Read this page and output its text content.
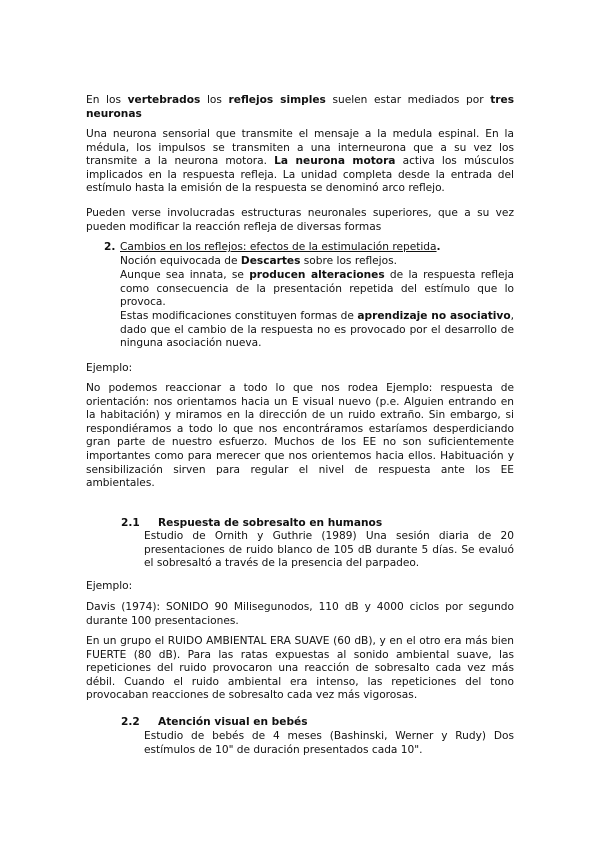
En los vertebrados los reflejos simples suelen estar mediados por tres neuronas

Una neurona sensorial que transmite el mensaje a la medula espinal. En la médula, los impulsos se transmiten a una interneurona que a su vez los transmite a la neurona motora. La neurona motora activa los músculos implicados en la respuesta refleja. La unidad completa desde la entrada del estímulo hasta la emisión de la respuesta se denominó arco reflejo.

Pueden verse involucradas estructuras neuronales superiores, que a su vez pueden modificar la reacción refleja de diversas formas

2. Cambios en los reflejos: efectos de la estimulación repetida.

Noción equivocada de Descartes sobre los reflejos.

Aunque sea innata, se producen alteraciones de la respuesta refleja como consecuencia de la presentación repetida del estímulo que lo provoca.

Estas modificaciones constituyen formas de aprendizaje no asociativo, dado que el cambio de la respuesta no es provocado por el desarrollo de ninguna asociación nueva.

Ejemplo:

No podemos reaccionar a todo lo que nos rodea Ejemplo: respuesta de orientación: nos orientamos hacia un E visual nuevo (p.e. Alguien entrando en la habitación) y miramos en la dirección de un ruido extraño. Sin embargo, si respondiéramos a todo lo que nos encontráramos estaríamos desperdiciando gran parte de nuestro esfuerzo. Muchos de los EE no son suficientemente importantes como para merecer que nos orientemos hacia ellos. Habituación y sensibilización sirven para regular el nivel de respuesta ante los EE ambientales.

2.1 Respuesta de sobresalto en humanos

Estudio de Ornith y Guthrie (1989) Una sesión diaria de 20 presentaciones de ruido blanco de 105 dB durante 5 días. Se evaluó el sobresaltó a través de la presencia del parpadeo.

Ejemplo:

Davis (1974): SONIDO 90 Milisegunodos, 110 dB y 4000 ciclos por segundo durante 100 presentaciones.

En un grupo el RUIDO AMBIENTAL ERA SUAVE (60 dB), y en el otro era más bien FUERTE (80 dB). Para las ratas expuestas al sonido ambiental suave, las repeticiones del ruido provocaron una reacción de sobresalto cada vez más débil. Cuando el ruido ambiental era intenso, las repeticiones del tono provocaban reacciones de sobresalto cada vez más vigorosas.

2.2 Atención visual en bebés

Estudio de bebés de 4 meses (Bashinski, Werner y Rudy) Dos estímulos de 10" de duración presentados cada 10".
